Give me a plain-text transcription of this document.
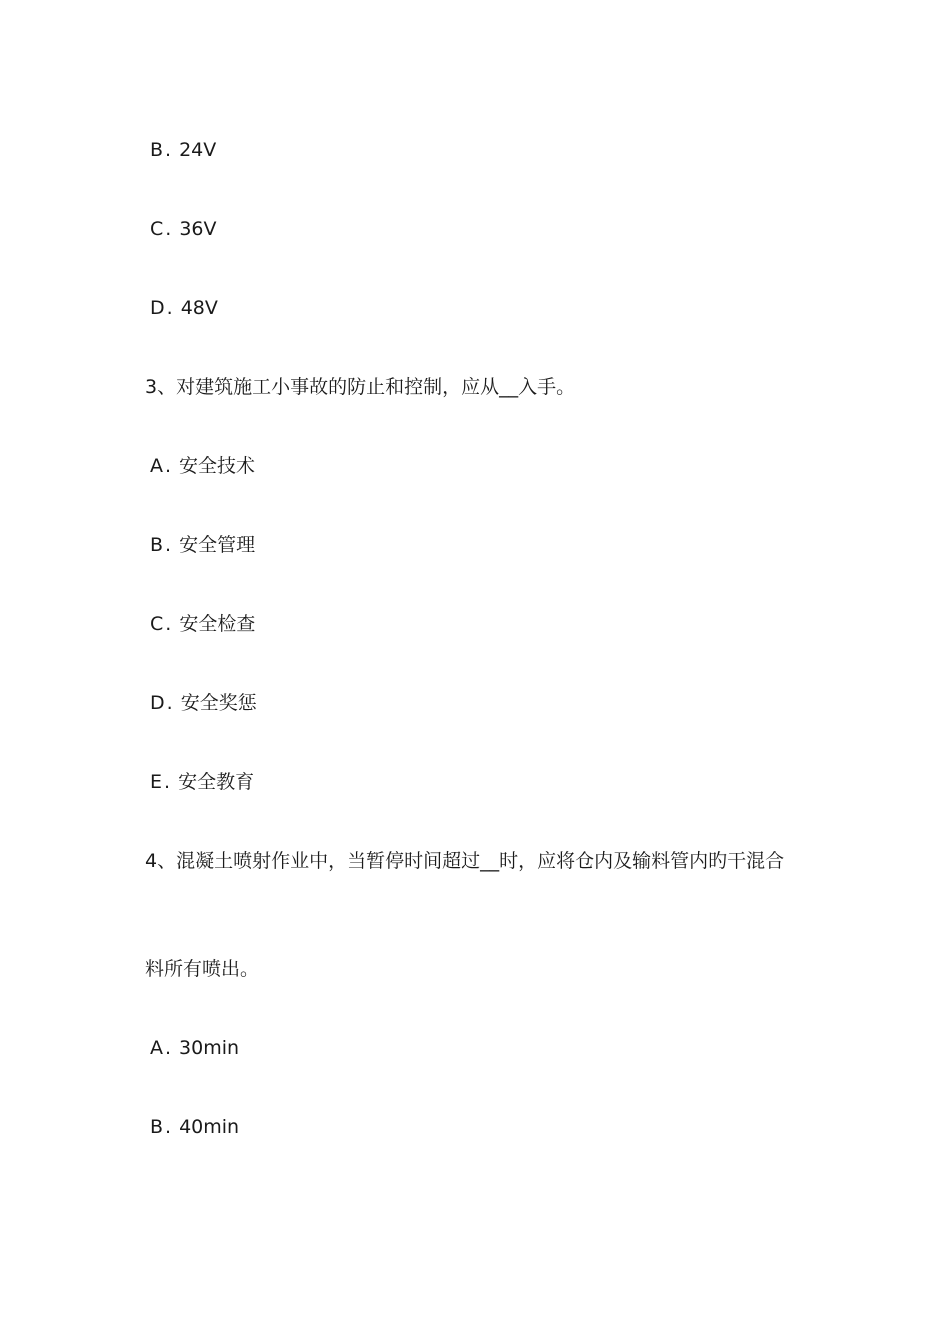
B . 24V
C . 36V
D . 48V
3、对建筑施工小事故的防止和控制，应从__入手。
A . 安全技术
B . 安全管理
C . 安全检查
D . 安全奖惩
E . 安全教育
4、混凝土喷射作业中，当暂停时间超过__时，应将仓内及输料管内旳干混合
料所有喷出。
A . 30min
B . 40min
